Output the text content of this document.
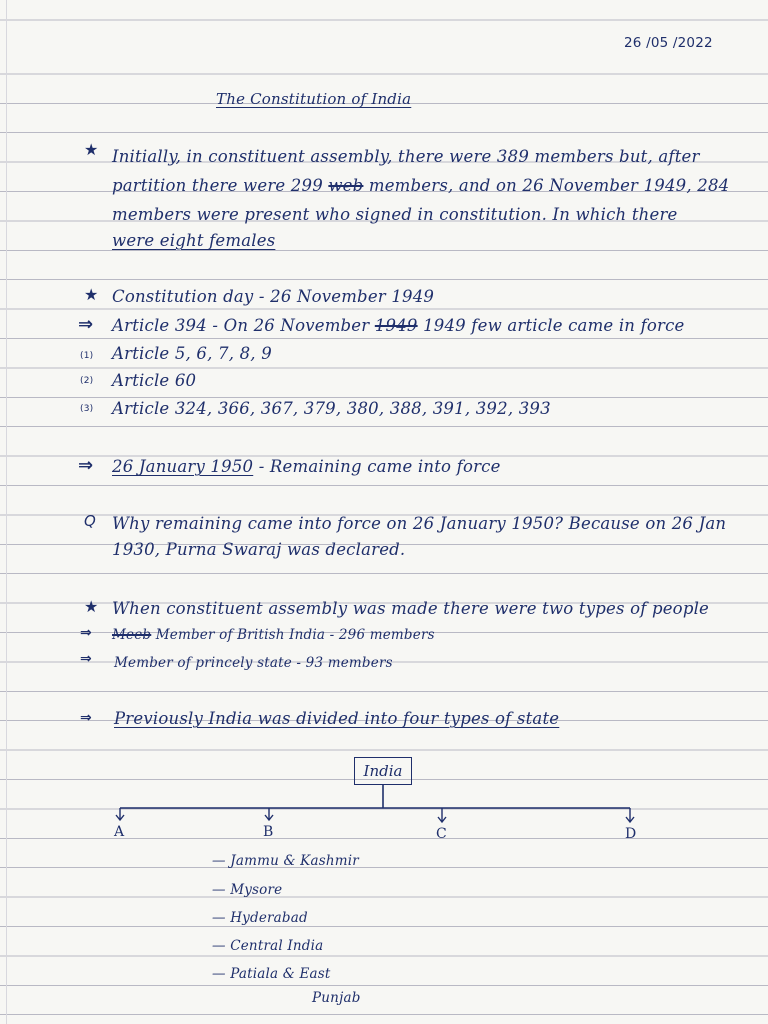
26 /05 /2022
The Constitution of India
★ Initially, in constituent assembly, there were 389 members but, after
partition there were 299 web members, and on 26 November 1949, 284
members were present who signed in constitution. In which there
were eight females
★ Constitution day - 26 November 1949
⇒ Article 394 - On 26 November 1949 1949 few article came in force
(1) Article 5, 6, 7, 8, 9
(2) Article 60
(3) Article 324, 366, 367, 379, 380, 388, 391, 392, 393
⇒ 26 January 1950 - Remaining came into force
Q Why remaining came into force on 26 January 1950? Because on 26 Jan
1930, Purna Swaraj was declared.
★ When constituent assembly was made there were two types of people
⇒ Meeb Member of British India - 296 members
⇒ Member of princely state - 93 members
⇒ Previously India was divided into four types of state
India
A	B	C	D
— Jammu & Kashmir
— Mysore
— Hyderabad
— Central India
— Patiala & East
Punjab
